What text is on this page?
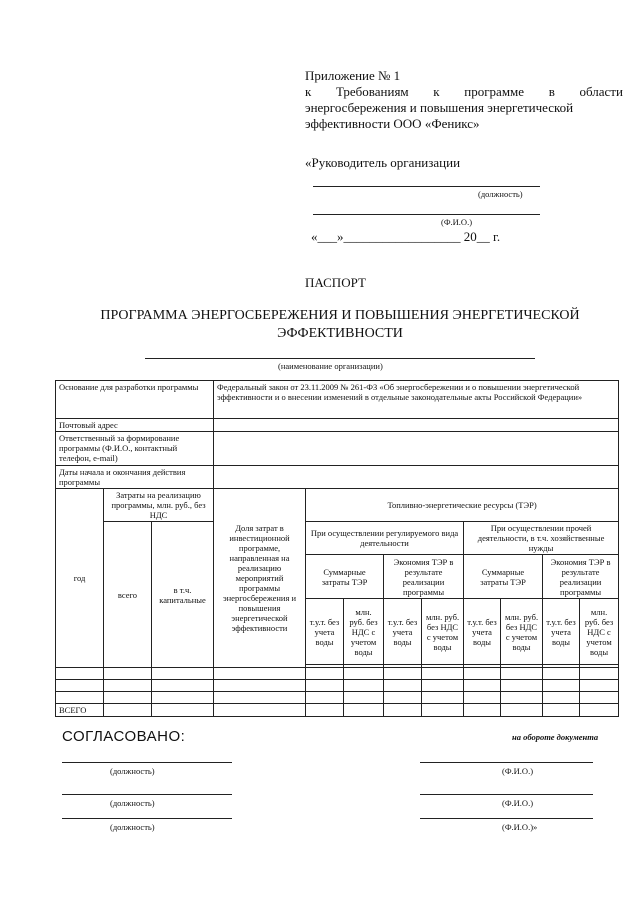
Приложение № 1
к Требованиям к программе в области
энергосбережения и повышения энергетической
эффективности ООО «Феникс»
«Руководитель организации
(должность)
(Ф.И.О.)
«___»__________________ 20__ г.
ПАСПОРТ
ПРОГРАММА ЭНЕРГОСБЕРЕЖЕНИЯ И ПОВЫШЕНИЯ ЭНЕРГЕТИЧЕСКОЙ
ЭФФЕКТИВНОСТИ
(наименование организации)
Основание для разработки программы			Федеральный закон от 23.11.2009 № 261-ФЗ «Об энергосбережении и о повышении энергетической эффективности и о внесении изменений в отдельные законодательные акты Российской Федерации»								
Почтовый адрес											
Ответственный за формирование программы (Ф.И.О., контактный телефон, e-mail)											
Даты начала и окончания действия программы											
год	Затраты на реализацию программы, млн. руб., без НДС		Доля затрат в инвестиционной программе, направленная на реализацию мероприятий программы энергосбережения и повышения энергетической эффективности	Топливно-энергетические ресурсы (ТЭР)							
	всего	в т.ч. капитальные		При осуществлении регулируемого вида деятельности				При осуществлении прочей деятельности, в т.ч. хозяйственные нужды			
				Суммарные затраты ТЭР		Экономия ТЭР в результате реализации программы		Суммарные затраты ТЭР		Экономия ТЭР в результате реализации программы	
				т.у.т. без учета воды	млн. руб. без НДС с учетом воды	т.у.т. без учета воды	млн. руб. без НДС с учетом воды	т.у.т. без учета воды	млн. руб. без НДС с учетом воды	т.у.т. без учета воды	млн. руб. без НДС с учетом воды

ВСЕГО											
СОГЛАСОВАНО:	на обороте документа
(должность)	(Ф.И.О.)
(должность)	(Ф.И.О.)
(должность)	(Ф.И.О.)»
